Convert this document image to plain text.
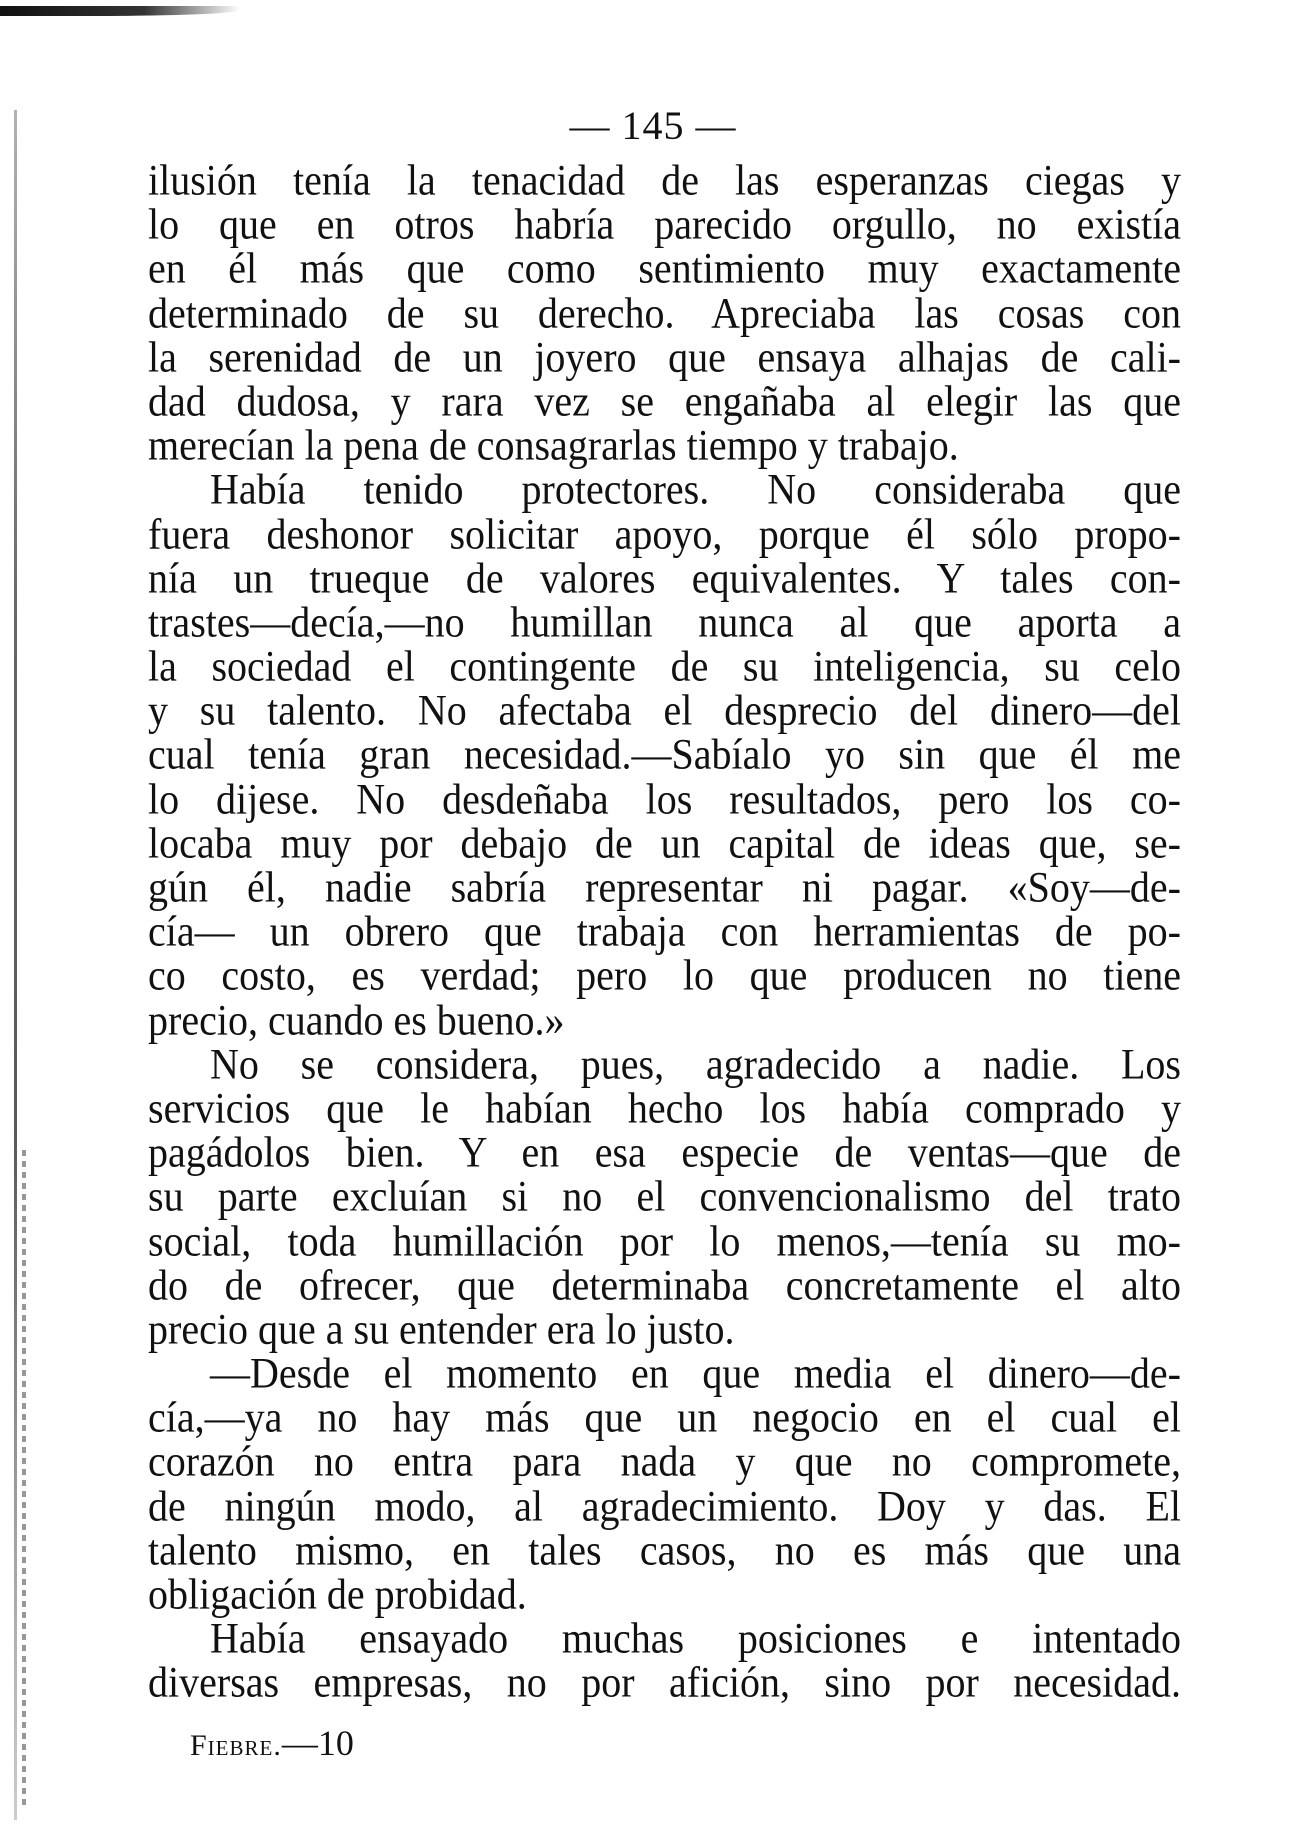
— 145 —
ilusión tenía la tenacidad de las esperanzas ciegas y
lo que en otros habría parecido orgullo, no existía
en él más que como sentimiento muy exactamente
determinado de su derecho. Apreciaba las cosas con
la serenidad de un joyero que ensaya alhajas de cali-
dad dudosa, y rara vez se engañaba al elegir las que
merecían la pena de consagrarlas tiempo y trabajo.
Había tenido protectores. No consideraba que
fuera deshonor solicitar apoyo, porque él sólo propo-
nía un trueque de valores equivalentes. Y tales con-
trastes—decía,—no humillan nunca al que aporta a
la sociedad el contingente de su inteligencia, su celo
y su talento. No afectaba el desprecio del dinero—del
cual tenía gran necesidad.—Sabíalo yo sin que él me
lo dijese. No desdeñaba los resultados, pero los co-
locaba muy por debajo de un capital de ideas que, se-
gún él, nadie sabría representar ni pagar. «Soy—de-
cía— un obrero que trabaja con herramientas de po-
co costo, es verdad; pero lo que producen no tiene
precio, cuando es bueno.»
No se considera, pues, agradecido a nadie. Los
servicios que le habían hecho los había comprado y
pagádolos bien. Y en esa especie de ventas—que de
su parte excluían si no el convencionalismo del trato
social, toda humillación por lo menos,—tenía su mo-
do de ofrecer, que determinaba concretamente el alto
precio que a su entender era lo justo.
—Desde el momento en que media el dinero—de-
cía,—ya no hay más que un negocio en el cual el
corazón no entra para nada y que no compromete,
de ningún modo, al agradecimiento. Doy y das. El
talento mismo, en tales casos, no es más que una
obligación de probidad.
Había ensayado muchas posiciones e intentado
diversas empresas, no por afición, sino por necesidad.
Fiebre.—10
